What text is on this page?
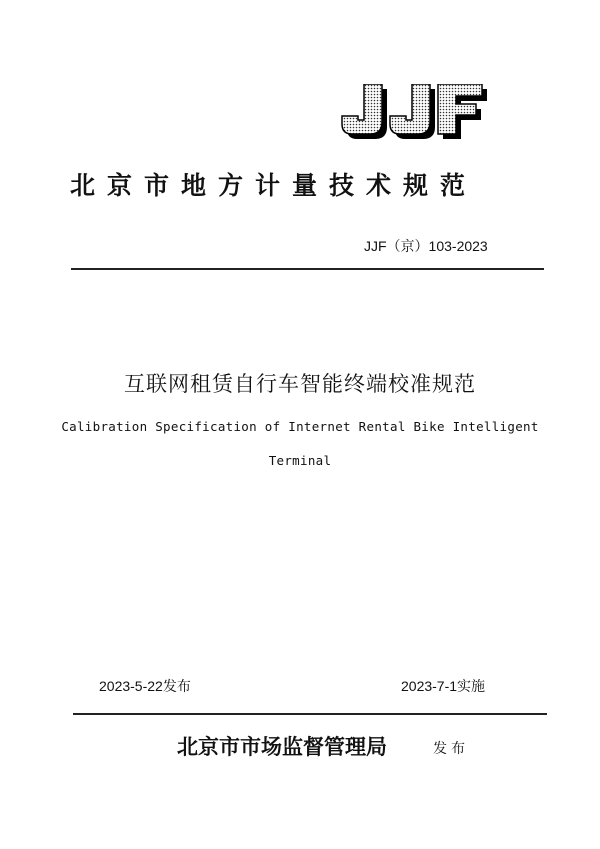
北京市地方计量技术规范
JJF（京）103-2023
互联网租赁自行车智能终端校准规范
Calibration Specification of Internet Rental Bike Intelligent
Terminal
2023-5-22发布	2023-7-1实施
北京市市场监督管理局	发布
